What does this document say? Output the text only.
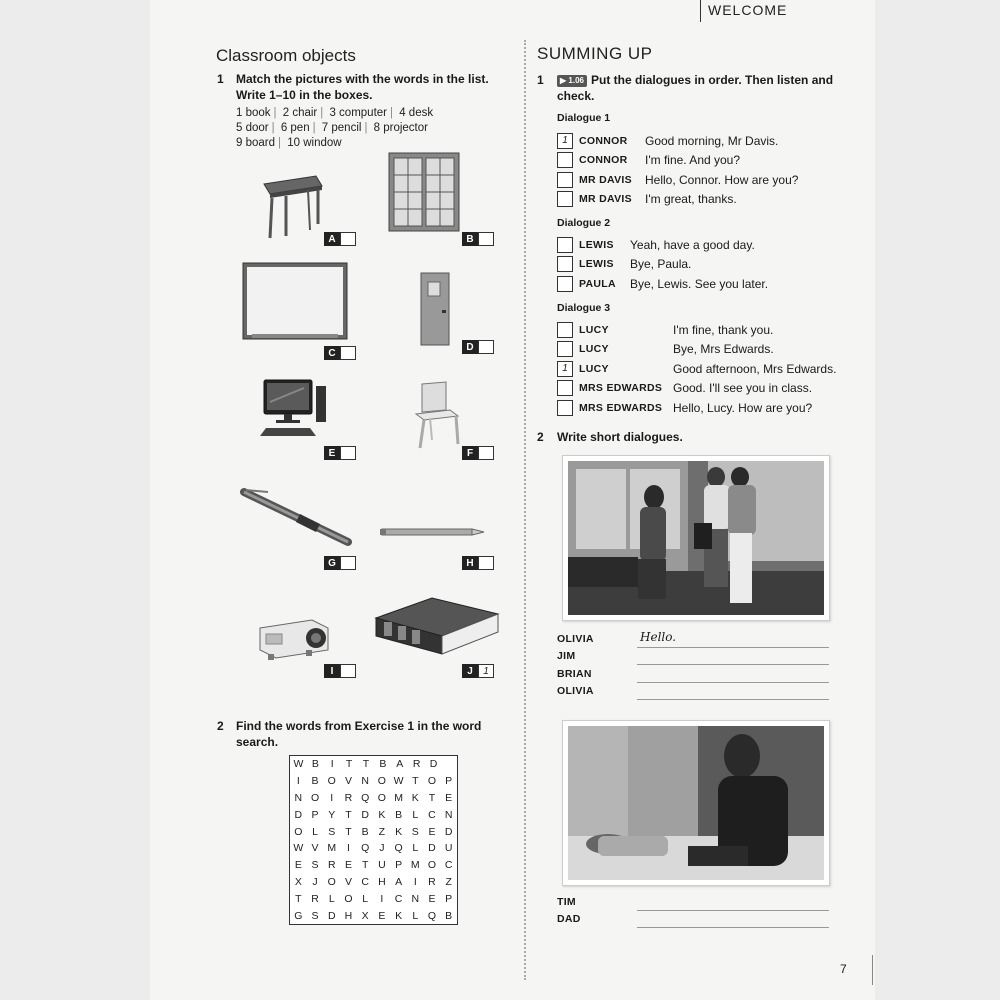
WELCOME
Classroom objects
1 Match the pictures with the words in the list.
Write 1–10 in the boxes.
1 book | 2 chair | 3 computer | 4 desk
5 door | 6 pen | 7 pencil | 8 projector
9 board | 10 window
A	B
C
D
E	F
G	H
I	J	1
2 Find the words from Exercise 1 in the word
search.
W B	I	T T B A R D
I	B O V N O W T O P
N O	I	R Q O M K T E
D P Y T D K B L C N
O L S T B Z K S E D
W V M	I	Q J Q L D U
E S R E T U P M O C
X	J O V C H A	I	R Z
T R L O L	I	C N E P
G S D H X E K L Q B
SUMMING UP
1	▶ 1.06 Put the dialogues in order. Then listen and
check.
Dialogue 1
1	CONNOR	Good morning, Mr Davis.
CONNOR	I'm fine. And you?
MR DAVIS	Hello, Connor. How are you?
MR DAVIS	I'm great, thanks.
Dialogue 2
LEWIS	Yeah, have a good day.
LEWIS	Bye, Paula.
PAULA	Bye, Lewis. See you later.
Dialogue 3
LUCY	I'm fine, thank you.
LUCY	Bye, Mrs Edwards.
1	LUCY	Good afternoon, Mrs Edwards.
MRS EDWARDS Good. I'll see you in class.
MRS EDWARDS Hello, Lucy. How are you?
2 Write short dialogues.
OLIVIA	Hello.
JIM
BRIAN
OLIVIA
TIM
DAD
7
